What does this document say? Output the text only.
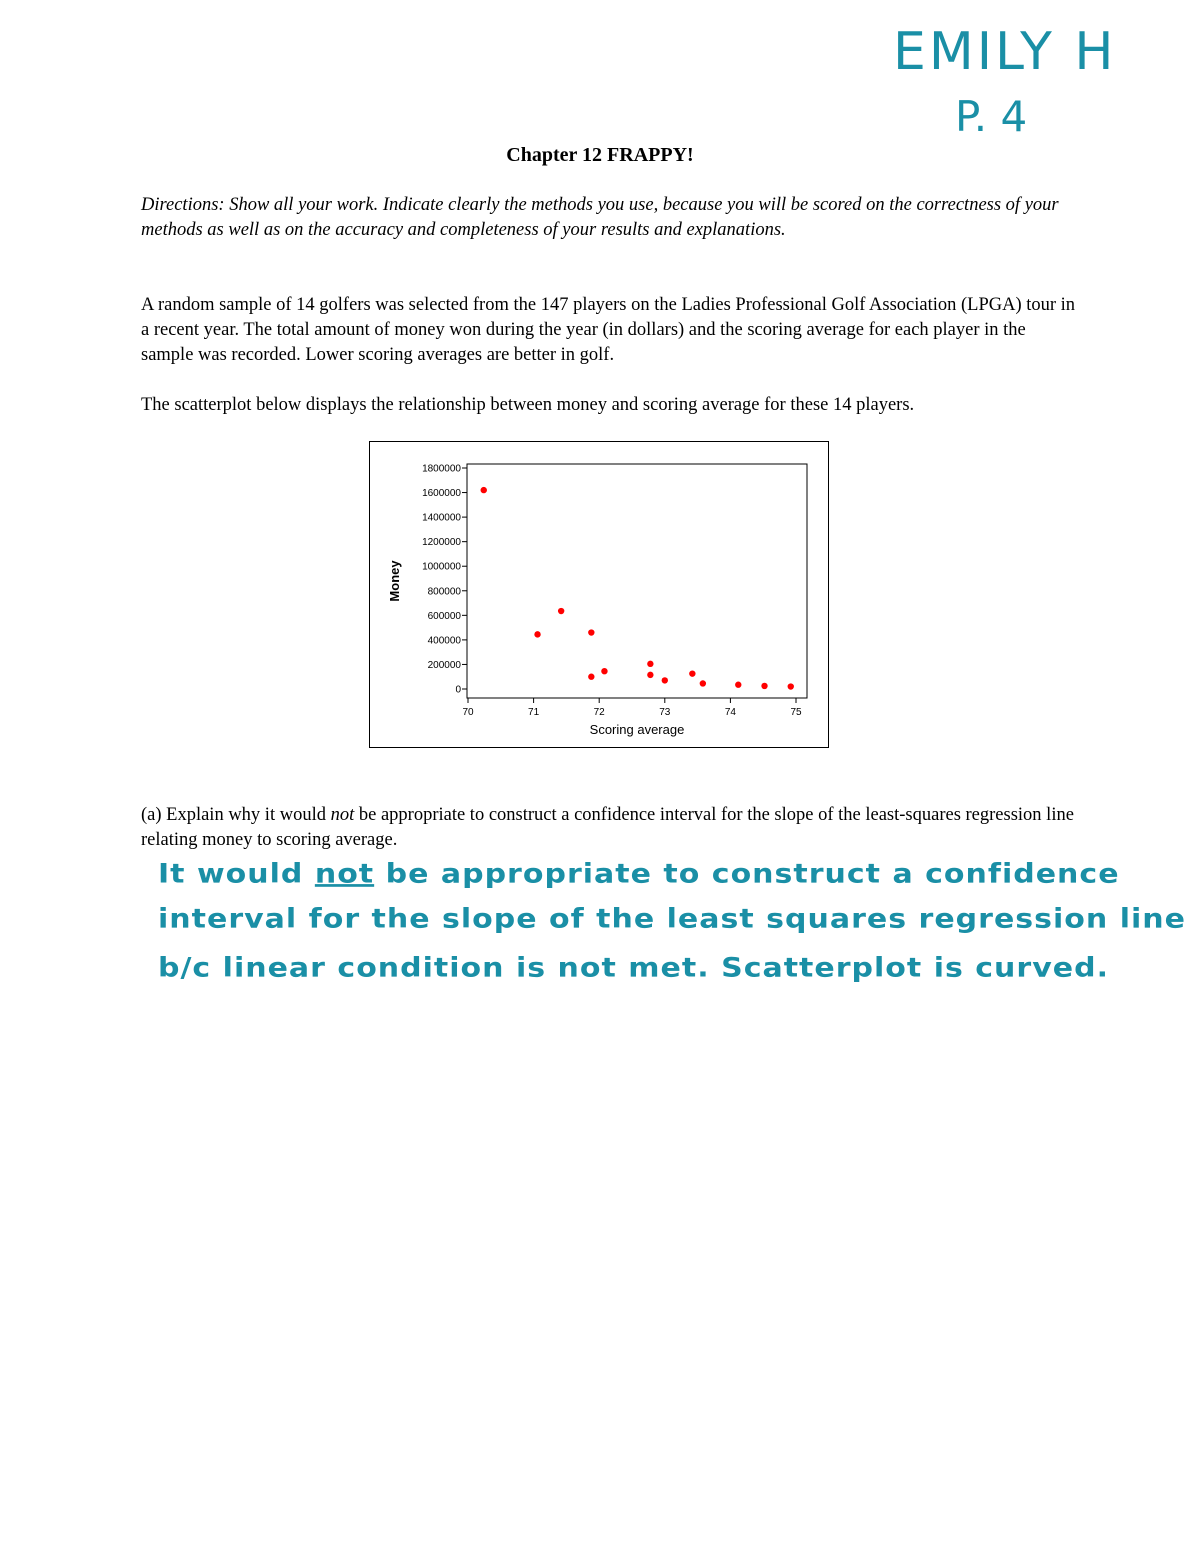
EMILY H
P. 4
Chapter 12 FRAPPY!

Directions: Show all your work. Indicate clearly the methods you use, because you will be scored on the correctness of your methods as well as on the accuracy and completeness of your results and explanations.

A random sample of 14 golfers was selected from the 147 players on the Ladies Professional Golf Association (LPGA) tour in a recent year. The total amount of money won during the year (in dollars) and the scoring average for each player in the sample was recorded. Lower scoring averages are better in golf.

The scatterplot below displays the relationship between money and scoring average for these 14 players.

0
200000
400000
600000
800000
1000000
1200000
1400000
1600000
1800000
70	71	72	73	74	75
Scoring average
Money

(a) Explain why it would not be appropriate to construct a confidence interval for the slope of the least-squares regression line relating money to scoring average.

It would not be appropriate to construct a confidence
interval for the slope of the least squares regression line
b/c linear condition is not met. Scatterplot is curved.
